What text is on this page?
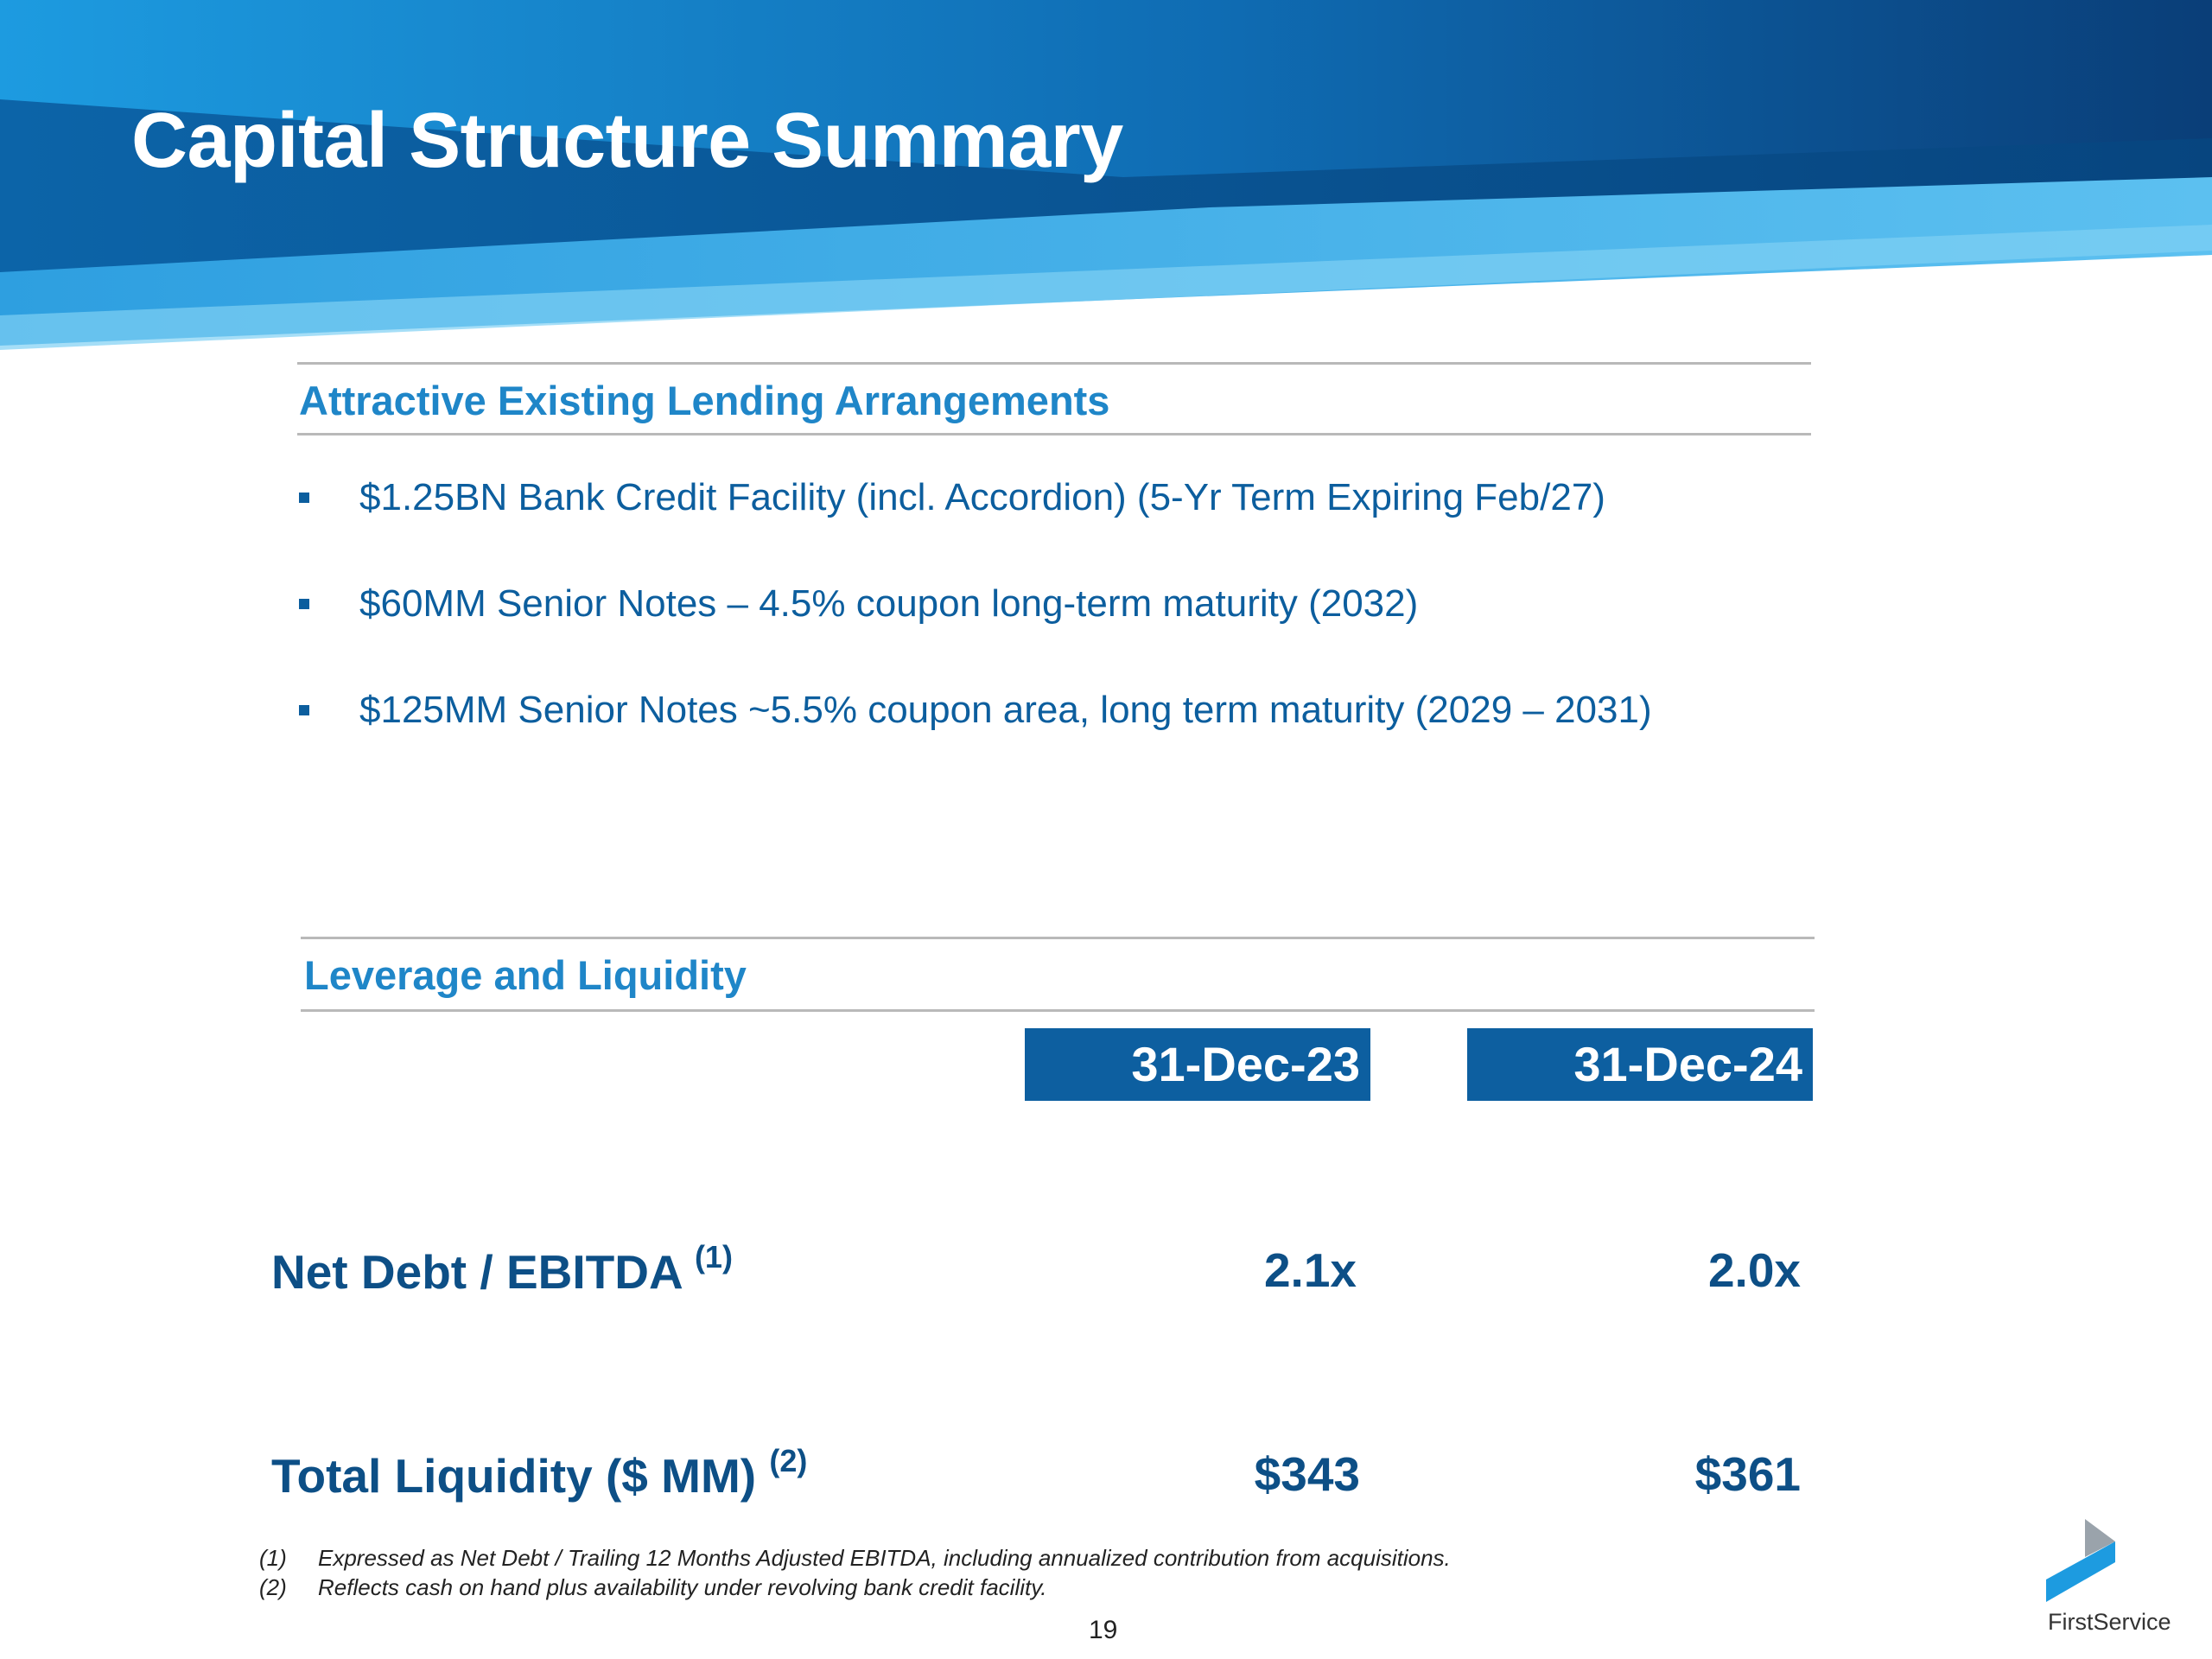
Capital Structure Summary
Attractive Existing Lending Arrangements
$1.25BN Bank Credit Facility (incl. Accordion) (5-Yr Term Expiring Feb/27)
$60MM Senior Notes – 4.5% coupon long-term maturity (2032)
$125MM Senior Notes ~5.5% coupon area, long term maturity (2029 – 2031)
Leverage and Liquidity
31-Dec-23	31-Dec-24
Net Debt / EBITDA $^{(1)}$	2.1x	2.0x
Total Liquidity ($ MM) $^{(2)}$	$343	$361
(1) Expressed as Net Debt / Trailing 12 Months Adjusted EBITDA, including annualized contribution from acquisitions.
(2) Reflects cash on hand plus availability under revolving bank credit facility.
19	FirstService
